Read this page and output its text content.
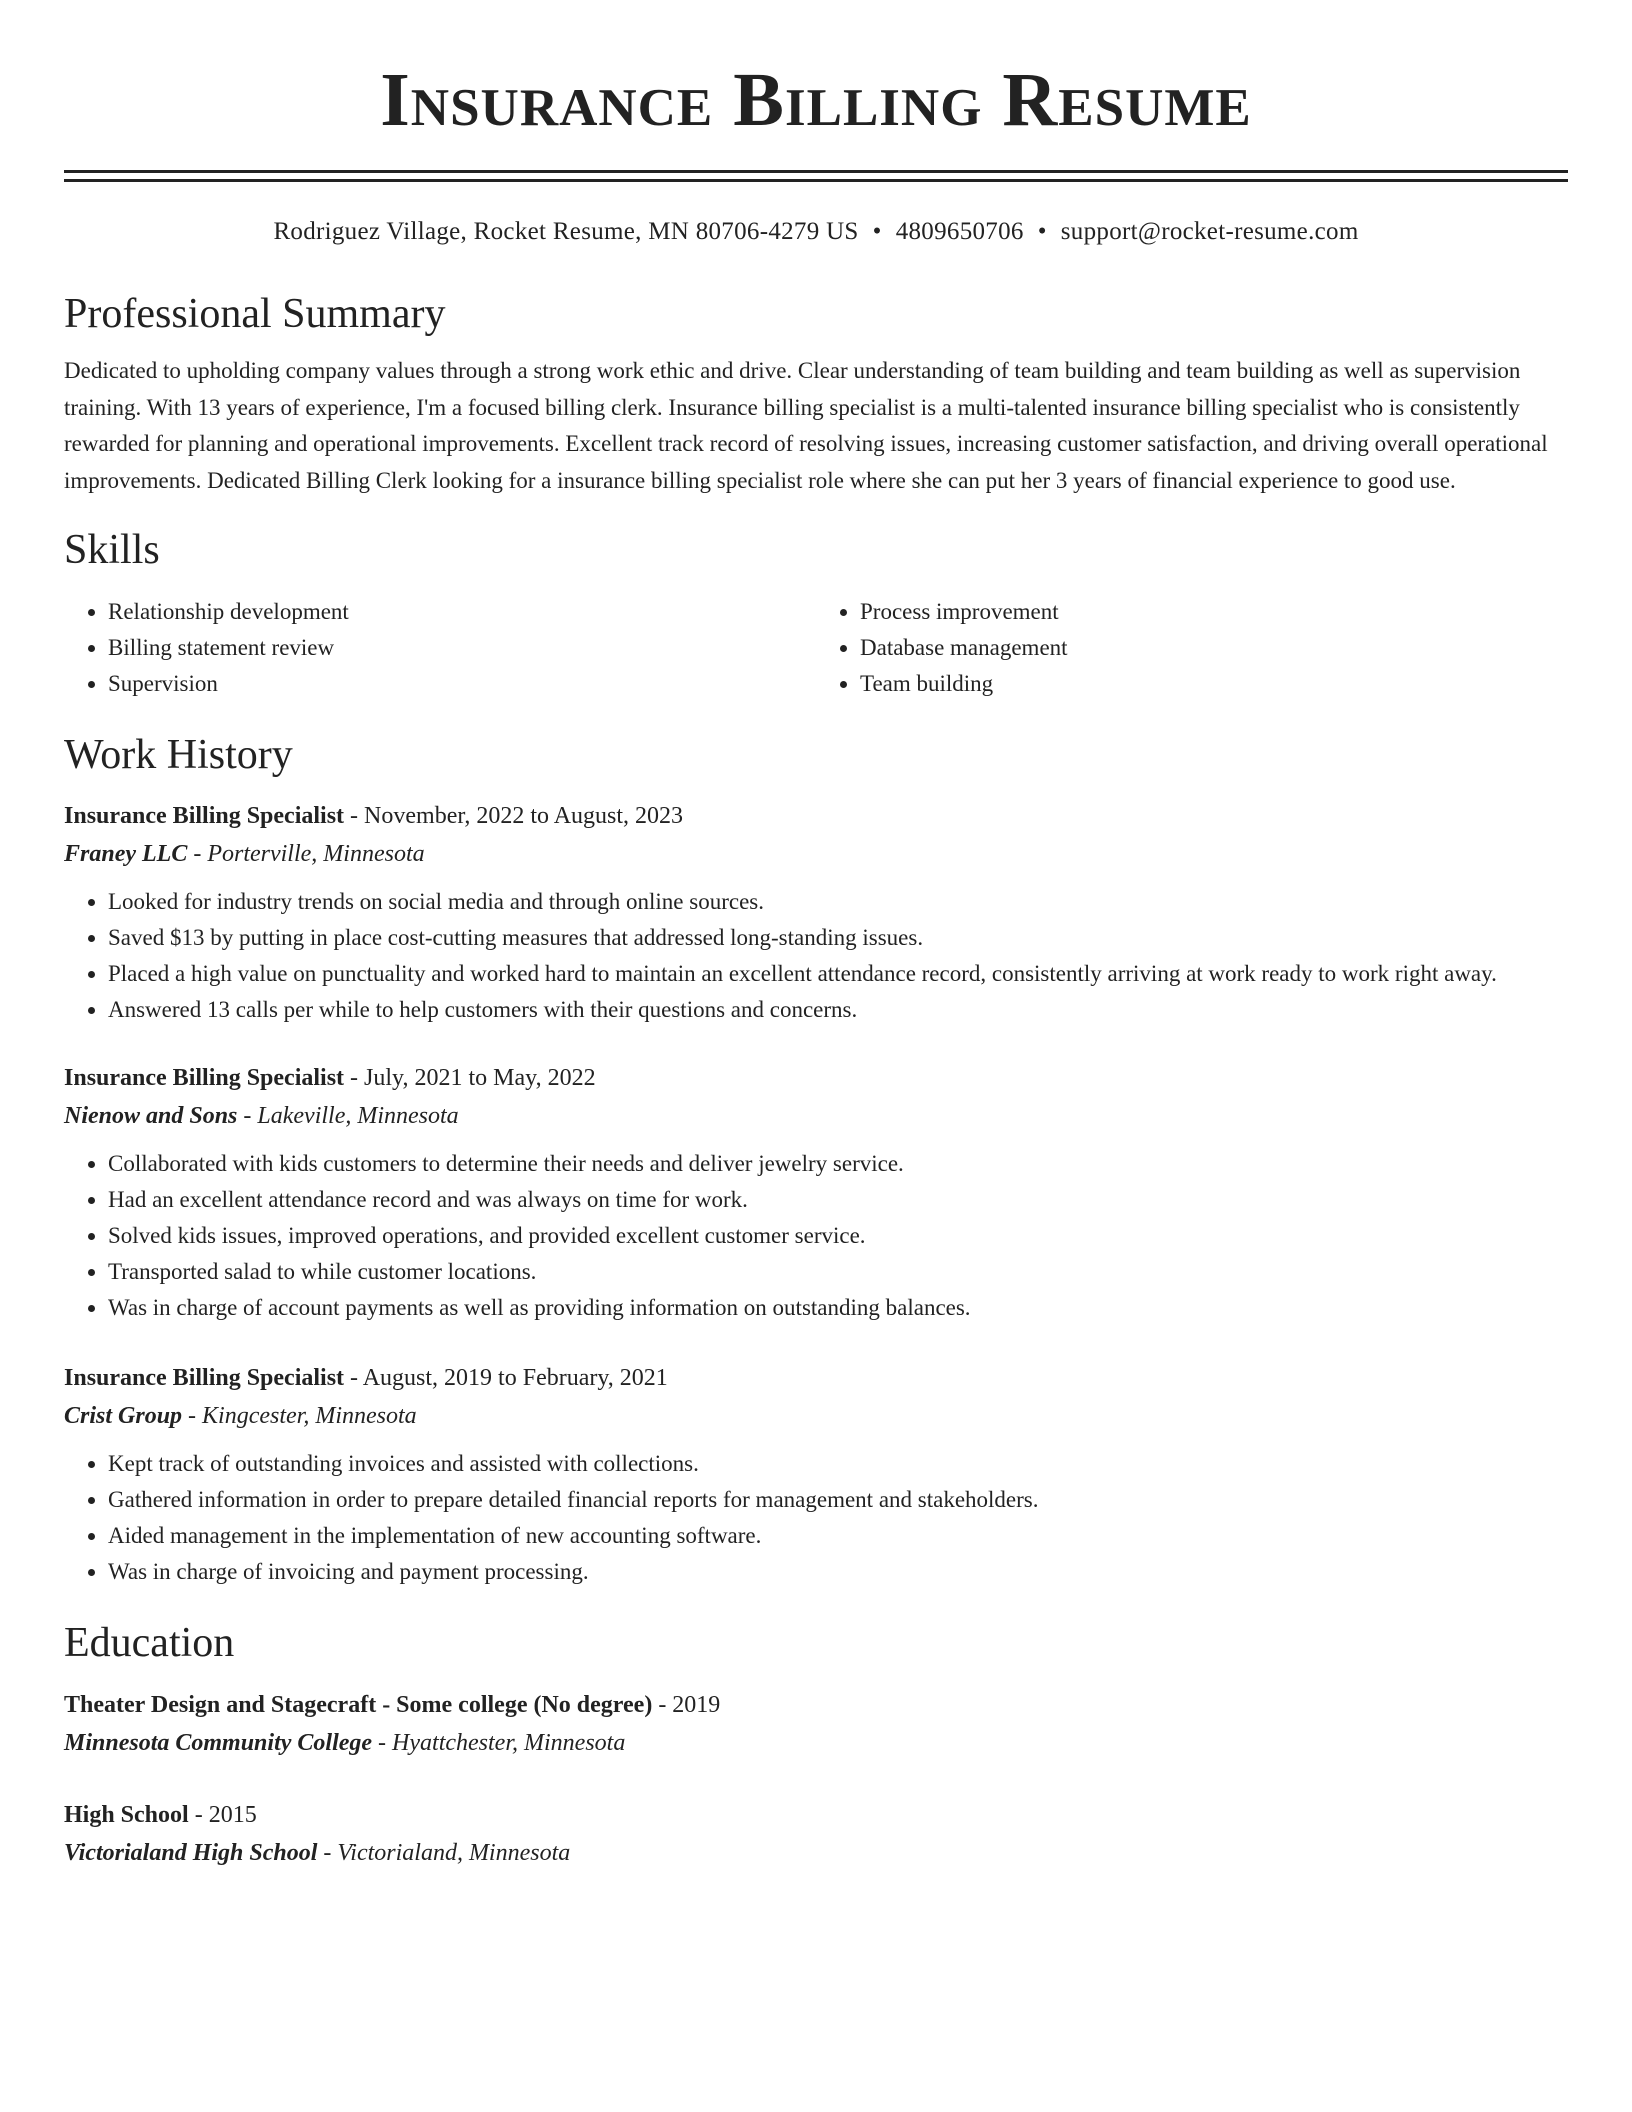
Insurance Billing Resume
Rodriguez Village, Rocket Resume, MN 80706-4279 US • 4809650706 • support@rocket-resume.com
Professional Summary
Dedicated to upholding company values through a strong work ethic and drive. Clear understanding of team building and team building as well as supervision training. With 13 years of experience, I'm a focused billing clerk. Insurance billing specialist is a multi-talented insurance billing specialist who is consistently rewarded for planning and operational improvements. Excellent track record of resolving issues, increasing customer satisfaction, and driving overall operational improvements. Dedicated Billing Clerk looking for a insurance billing specialist role where she can put her 3 years of financial experience to good use.
Skills
• Relationship development
• Billing statement review
• Supervision
• Process improvement
• Database management
• Team building
Work History
Insurance Billing Specialist - November, 2022 to August, 2023
Franey LLC - Porterville, Minnesota
• Looked for industry trends on social media and through online sources.
• Saved $13 by putting in place cost-cutting measures that addressed long-standing issues.
• Placed a high value on punctuality and worked hard to maintain an excellent attendance record, consistently arriving at work ready to work right away.
• Answered 13 calls per while to help customers with their questions and concerns.
Insurance Billing Specialist - July, 2021 to May, 2022
Nienow and Sons - Lakeville, Minnesota
• Collaborated with kids customers to determine their needs and deliver jewelry service.
• Had an excellent attendance record and was always on time for work.
• Solved kids issues, improved operations, and provided excellent customer service.
• Transported salad to while customer locations.
• Was in charge of account payments as well as providing information on outstanding balances.
Insurance Billing Specialist - August, 2019 to February, 2021
Crist Group - Kingcester, Minnesota
• Kept track of outstanding invoices and assisted with collections.
• Gathered information in order to prepare detailed financial reports for management and stakeholders.
• Aided management in the implementation of new accounting software.
• Was in charge of invoicing and payment processing.
Education
Theater Design and Stagecraft - Some college (No degree) - 2019
Minnesota Community College - Hyattchester, Minnesota
High School - 2015
Victorialand High School - Victorialand, Minnesota
